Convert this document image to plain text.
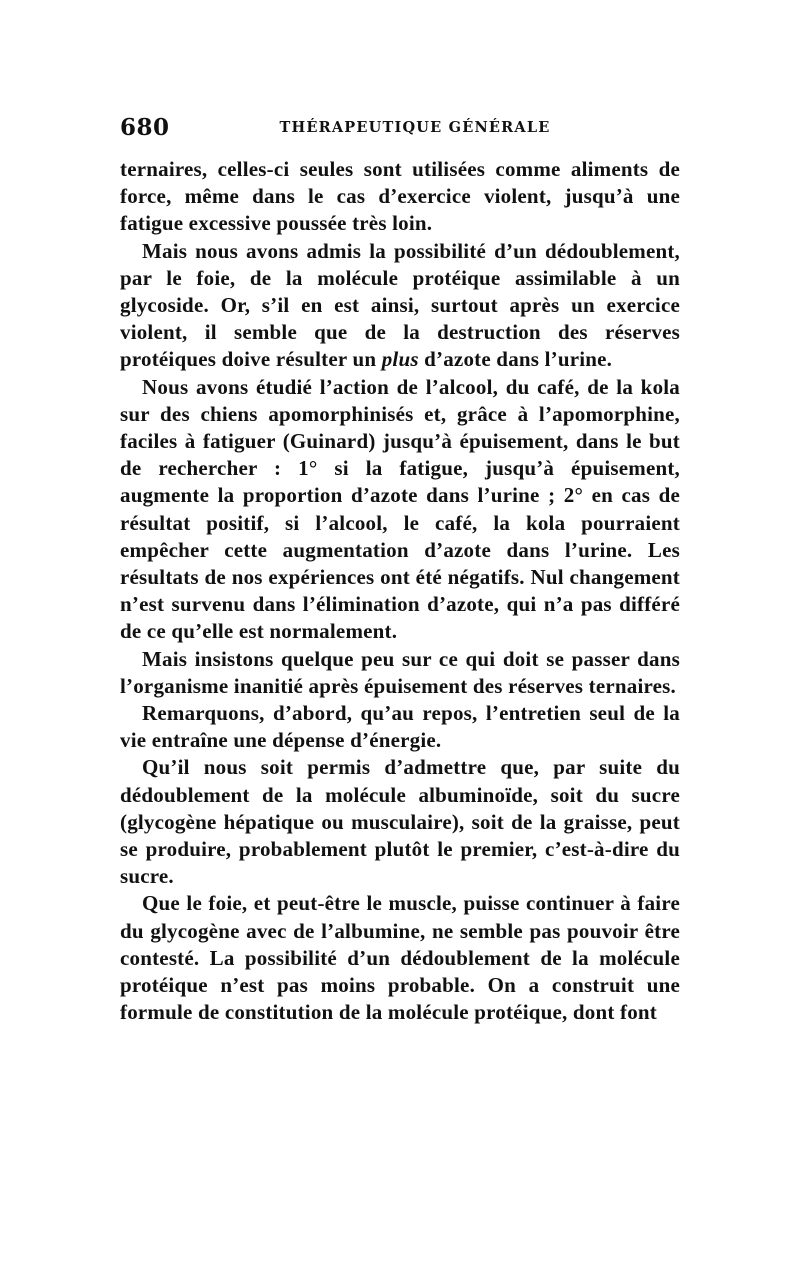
680	THÉRAPEUTIQUE GÉNÉRALE

ternaires, celles-ci seules sont utilisées comme aliments de force, même dans le cas d’exercice violent, jusqu’à une fatigue excessive poussée très loin.

Mais nous avons admis la possibilité d’un dédoublement, par le foie, de la molécule protéique assimilable à un glycoside. Or, s’il en est ainsi, surtout après un exercice violent, il semble que de la destruction des réserves protéiques doive résulter un plus d’azote dans l’urine.

Nous avons étudié l’action de l’alcool, du café, de la kola sur des chiens apomorphinisés et, grâce à l’apomorphine, faciles à fatiguer (Guinard) jusqu’à épuisement, dans le but de rechercher : 1° si la fatigue, jusqu’à épuisement, augmente la proportion d’azote dans l’urine ; 2° en cas de résultat positif, si l’alcool, le café, la kola pourraient empêcher cette augmentation d’azote dans l’urine. Les résultats de nos expériences ont été négatifs. Nul changement n’est survenu dans l’élimination d’azote, qui n’a pas différé de ce qu’elle est normalement.

Mais insistons quelque peu sur ce qui doit se passer dans l’organisme inanitié après épuisement des réserves ternaires.

Remarquons, d’abord, qu’au repos, l’entretien seul de la vie entraîne une dépense d’énergie.

Qu’il nous soit permis d’admettre que, par suite du dédoublement de la molécule albuminoïde, soit du sucre (glycogène hépatique ou musculaire), soit de la graisse, peut se produire, probablement plutôt le premier, c’est-à-dire du sucre.

Que le foie, et peut-être le muscle, puisse continuer à faire du glycogène avec de l’albumine, ne semble pas pouvoir être contesté. La possibilité d’un dédoublement de la molécule protéique n’est pas moins probable. On a construit une formule de constitution de la molécule protéique, dont font
